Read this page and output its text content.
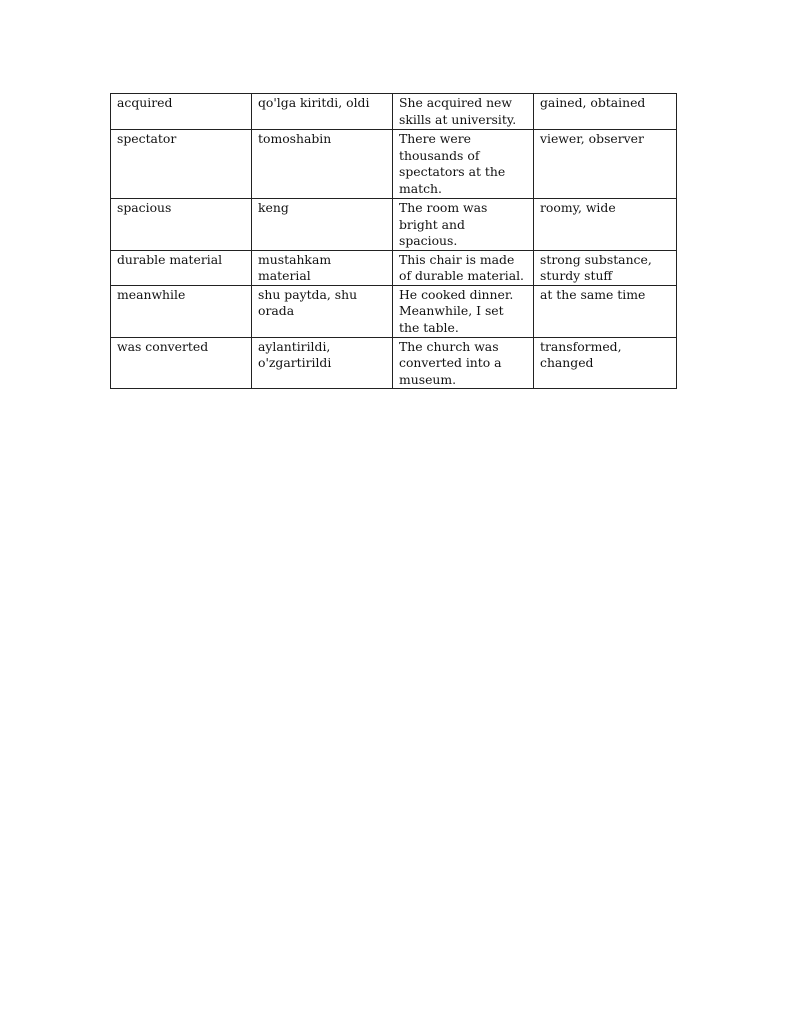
acquired	qo'lga kiritdi, oldi	She acquired new skills at university.	gained, obtained
spectator	tomoshabin	There were thousands of spectators at the match.	viewer, observer
spacious	keng	The room was bright and spacious.	roomy, wide
durable material	mustahkam material	This chair is made of durable material.	strong substance, sturdy stuff
meanwhile	shu paytda, shu orada	He cooked dinner. Meanwhile, I set the table.	at the same time
was converted	aylantirildi, o'zgartirildi	The church was converted into a museum.	transformed, changed
